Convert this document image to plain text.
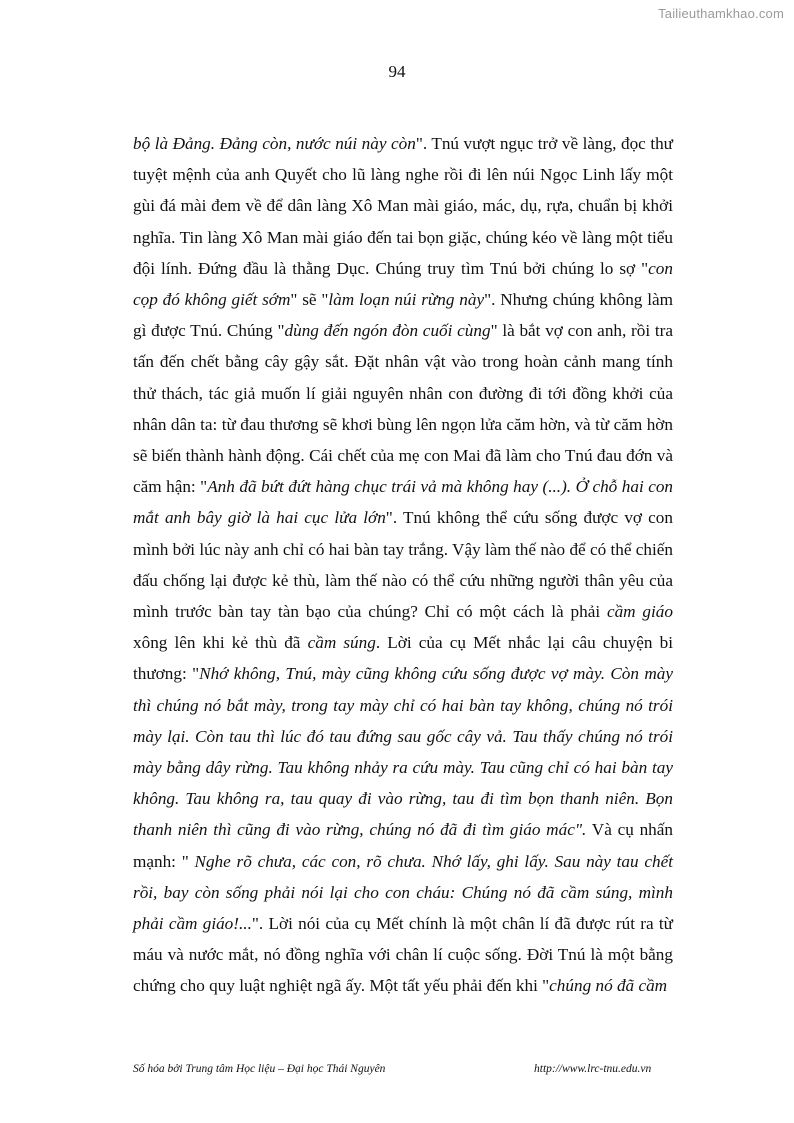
Tailieuthamkhao.com
94

bộ là Đảng. Đảng còn, nước núi này còn". Tnú vượt ngục trở về làng, đọc thư tuyệt mệnh của anh Quyết cho lũ làng nghe rồi đi lên núi Ngọc Linh lấy một gùi đá mài đem về để dân làng Xô Man mài giáo, mác, dụ, rựa, chuẩn bị khởi nghĩa. Tin làng Xô Man mài giáo đến tai bọn giặc, chúng kéo về làng một tiểu đội lính. Đứng đầu là thằng Dục. Chúng truy tìm Tnú bởi chúng lo sợ "con cọp đó không giết sớm" sẽ "làm loạn núi rừng này". Nhưng chúng không làm gì được Tnú. Chúng "dùng đến ngón đòn cuối cùng" là bắt vợ con anh, rồi tra tấn đến chết bằng cây gậy sắt. Đặt nhân vật vào trong hoàn cảnh mang tính thử thách, tác giả muốn lí giải nguyên nhân con đường đi tới đồng khởi của nhân dân ta: từ đau thương sẽ khơi bùng lên ngọn lửa căm hờn, và từ căm hờn sẽ biến thành hành động. Cái chết của mẹ con Mai đã làm cho Tnú đau đớn và căm hận: "Anh đã bứt đứt hàng chục trái vả mà không hay (...). Ở chỗ hai con mắt anh bây giờ là hai cục lửa lớn". Tnú không thể cứu sống được vợ con mình bởi lúc này anh chỉ có hai bàn tay trắng. Vậy làm thế nào để có thể chiến đấu chống lại được kẻ thù, làm thế nào có thể cứu những người thân yêu của mình trước bàn tay tàn bạo của chúng? Chỉ có một cách là phải cầm giáo xông lên khi kẻ thù đã cầm súng. Lời của cụ Mết nhắc lại câu chuyện bi thương: "Nhớ không, Tnú, mày cũng không cứu sống được vợ mày. Còn mày thì chúng nó bắt mày, trong tay mày chỉ có hai bàn tay không, chúng nó trói mày lại. Còn tau thì lúc đó tau đứng sau gốc cây vả. Tau thấy chúng nó trói mày bằng dây rừng. Tau không nhảy ra cứu mày. Tau cũng chỉ có hai bàn tay không. Tau không ra, tau quay đi vào rừng, tau đi tìm bọn thanh niên. Bọn thanh niên thì cũng đi vào rừng, chúng nó đã đi tìm giáo mác". Và cụ nhấn mạnh: " Nghe rõ chưa, các con, rõ chưa. Nhớ lấy, ghi lấy. Sau này tau chết rồi, bay còn sống phải nói lại cho con cháu: Chúng nó đã cầm súng, mình phải cầm giáo!...". Lời nói của cụ Mết chính là một chân lí đã được rút ra từ máu và nước mắt, nó đồng nghĩa với chân lí cuộc sống. Đời Tnú là một bằng chứng cho quy luật nghiệt ngã ấy. Một tất yếu phải đến khi "chúng nó đã cầm

Số hóa bởi Trung tâm Học liệu – Đại học Thái Nguyên	http://www.lrc-tnu.edu.vn
